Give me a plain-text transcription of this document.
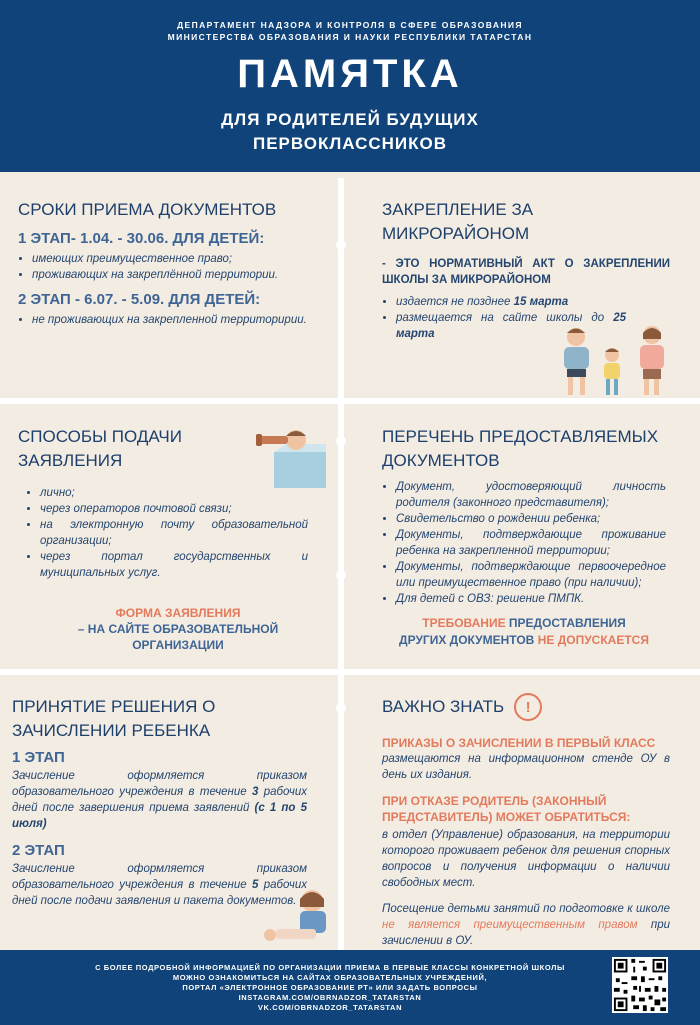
ДЕПАРТАМЕНТ НАДЗОРА И КОНТРОЛЯ В СФЕРЕ ОБРАЗОВАНИЯ
МИНИСТЕРСТВА ОБРАЗОВАНИЯ И НАУКИ РЕСПУБЛИКИ ТАТАРСТАН
ПАМЯТКА
ДЛЯ РОДИТЕЛЕЙ БУДУЩИХ
ПЕРВОКЛАССНИКОВ
СРОКИ ПРИЕМА ДОКУМЕНТОВ

1 ЭТАП- 1.04. - 30.06. ДЛЯ ДЕТЕЙ:

• имеющих преимущественное право;
• проживающих на закреплённой территории.

2 ЭТАП - 6.07. - 5.09. ДЛЯ ДЕТЕЙ:

• не проживающих на закрепленной территоририи.
ЗАКРЕПЛЕНИЕ ЗА МИКРОРАЙОНОМ

- ЭТО НОРМАТИВНЫЙ АКТ О ЗАКРЕПЛЕНИИ ШКОЛЫ ЗА МИКРОРАЙОНОМ

• издается не позднее 15 марта
• размещается на сайте школы до 25 марта
СПОСОБЫ ПОДАЧИ
ЗАЯВЛЕНИЯ
• лично;
• через операторов почтовой связи;
• на электронную почту образовательной организации;
• через портал государственных и муниципальных услуг.
ФОРМА ЗАЯВЛЕНИЯ
– НА САЙТЕ ОБРАЗОВАТЕЛЬНОЙ ОРГАНИЗАЦИИ
ПЕРЕЧЕНЬ ПРЕДОСТАВЛЯЕМЫХ
ДОКУМЕНТОВ
• Документ, удостоверяющий личность родителя (законного представителя);
• Свидетельство о рождении ребенка;
• Документы, подтверждающие проживание ребенка на закрепленной территории;
• Документы, подтверждающие первоочередное или преимущественное право (при наличии);
• Для детей с ОВЗ: решение ПМПК.
ТРЕБОВАНИЕ ПРЕДОСТАВЛЕНИЯ ДРУГИХ ДОКУМЕНТОВ НЕ ДОПУСКАЕТСЯ
ПРИНЯТИЕ РЕШЕНИЯ О
ЗАЧИСЛЕНИИ РЕБЕНКА

1 ЭТАП

Зачисление оформляется приказом образовательного учреждения в течение 3 рабочих дней после завершения приема заявлений (с 1 по 5 июля)

2 ЭТАП

Зачисление оформляется приказом образовательного учреждения в течение 5 рабочих дней после подачи заявления и пакета документов.

ВАЖНО ЗНАТЬ	!

ПРИКАЗЫ О ЗАЧИСЛЕНИИ В ПЕРВЫЙ КЛАСС

размещаются на информационном стенде ОУ в день их издания.

ПРИ ОТКАЗЕ РОДИТЕЛЬ (ЗАКОННЫЙ ПРЕДСТАВИТЕЛЬ) МОЖЕТ ОБРАТИТЬСЯ:

в отдел (Управление) образования, на территории которого проживает ребенок для решения спорных вопросов и получения информации о наличии свободных мест.

Посещение детьми занятий по подготовке к школе не является преимущественным правом при зачислении в ОУ.

С БОЛЕЕ ПОДРОБНОЙ ИНФОРМАЦИЕЙ ПО ОРГАНИЗАЦИИ ПРИЕМА В ПЕРВЫЕ КЛАССЫ КОНКРЕТНОЙ ШКОЛЫ
МОЖНО ОЗНАКОМИТЬСЯ НА САЙТАХ ОБРАЗОВАТЕЛЬНЫХ УЧРЕЖДЕНИЙ,
ПОРТАЛ «ЭЛЕКТРОННОЕ ОБРАЗОВАНИЕ РТ» ИЛИ ЗАДАТЬ ВОПРОСЫ
INSTAGRAM.COM/OBRNADZOR_TATARSTAN
VK.COM/OBRNADZOR_TATARSTAN
